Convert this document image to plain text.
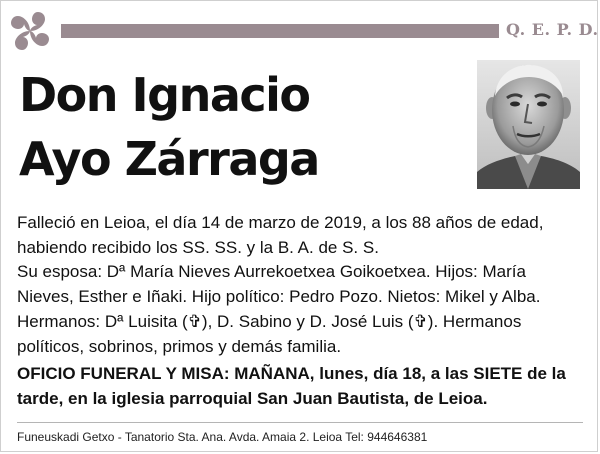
Q. E. P. D.
Don Ignacio
Ayo Zárraga
Falleció en Leioa, el día 14 de marzo de 2019, a los 88 años de edad, habiendo recibido los SS. SS. y la B. A. de S. S.
Su esposa: Dª María Nieves Aurrekoetxea Goikoetxea. Hijos: María Nieves, Esther e Iñaki. Hijo político: Pedro Pozo. Nietos: Mikel y Alba. Hermanos: Dª Luisita (✞), D. Sabino y D. José Luis (✞). Hermanos políticos, sobrinos, primos y demás familia.
OFICIO FUNERAL Y MISA: MAÑANA, lunes, día 18, a las SIETE de la tarde, en la iglesia parroquial San Juan Bautista, de Leioa.
Funeuskadi Getxo - Tanatorio Sta. Ana. Avda. Amaia 2. Leioa Tel: 944646381
